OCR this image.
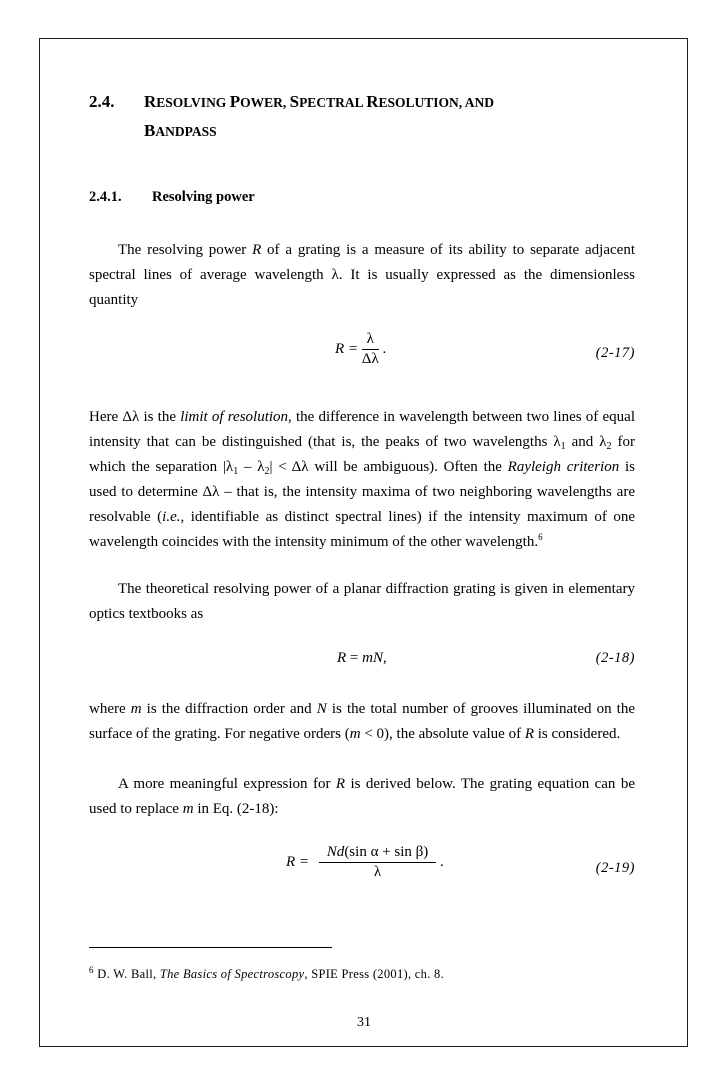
2.4. RESOLVING POWER, SPECTRAL RESOLUTION, AND
BANDPASS
2.4.1. Resolving power

The resolving power R of a grating is a measure of its ability to separate adjacent spectral lines of average wavelength λ. It is usually expressed as the dimensionless quantity

$R = \frac{\lambda}{\Delta\lambda}$ .	(2-17)

Here Δλ is the limit of resolution, the difference in wavelength between two lines of equal intensity that can be distinguished (that is, the peaks of two wavelengths $\lambda_1$ and $\lambda_2$ for which the separation $|\lambda_1 - \lambda_2| < \Delta\lambda$ will be ambiguous). Often the Rayleigh criterion is used to determine Δλ – that is, the intensity maxima of two neighboring wavelengths are resolvable (i.e., identifiable as distinct spectral lines) if the intensity maximum of one wavelength coincides with the intensity minimum of the other wavelength.$^6$

The theoretical resolving power of a planar diffraction grating is given in elementary optics textbooks as

R = mN,	(2-18)

where m is the diffraction order and N is the total number of grooves illuminated on the surface of the grating. For negative orders (m < 0), the absolute value of R is considered.

A more meaningful expression for R is derived below. The grating equation can be used to replace m in Eq. (2-18):

$R = \frac{\text{Nd(sin α + sin β)}}{\lambda}$ .	(2-19)
$^6$ D. W. Ball, The Basics of Spectroscopy, SPIE Press (2001), ch. 8.
31
